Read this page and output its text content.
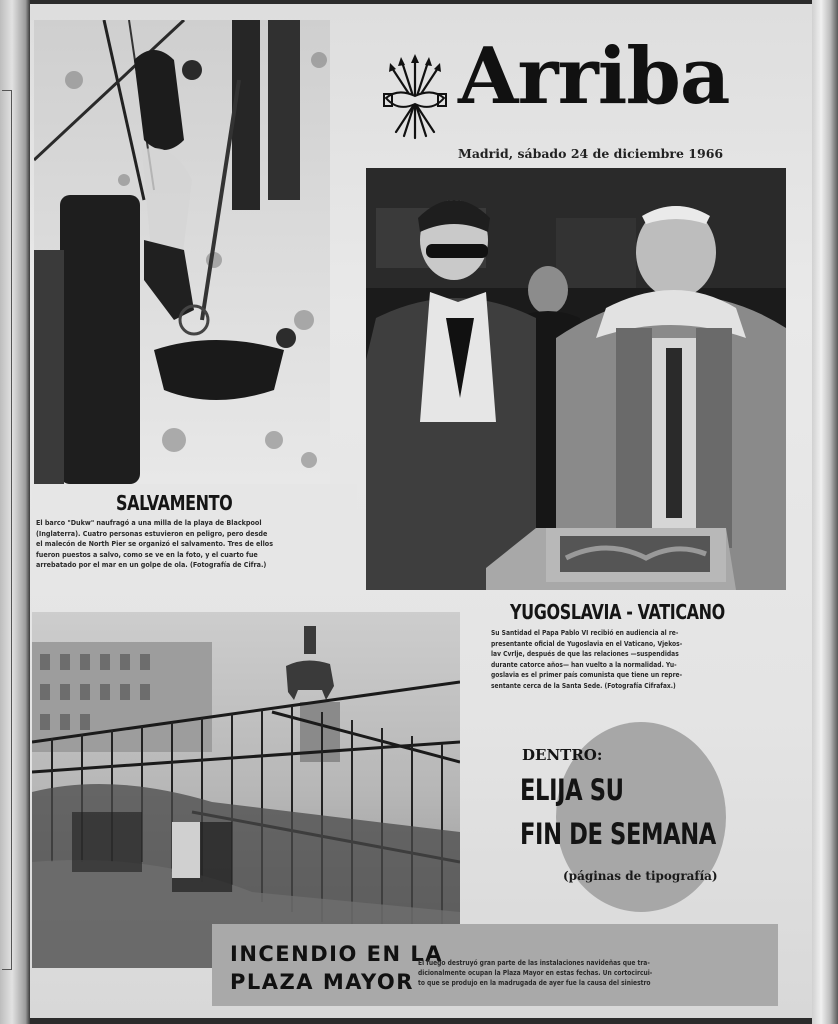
SALVAMENTO
El barco "Dukw" naufragó a una milla de la playa de Blackpool
(Inglaterra). Cuatro personas estuvieron en peligro, pero desde
el malecón de North Pier se organizó el salvamento. Tres de ellos
fueron puestos a salvo, como se ve en la foto, y el cuarto fue
arrebatado por el mar en un golpe de ola. (Fotografía de Cifra.)
Arriba
Madrid, sábado 24 de diciembre 1966
YUGOSLAVIA - VATICANO
Su Santidad el Papa Pablo VI recibió en audiencia al re-
presentante oficial de Yugoslavia en el Vaticano, Vjekos-
lav Cvrlje, después de que las relaciones —suspendidas
durante catorce años— han vuelto a la normalidad. Yu-
goslavia es el primer país comunista que tiene un repre-
sentante cerca de la Santa Sede. (Fotografía Cifrafax.)
DENTRO:
ELIJA SU
FIN DE SEMANA
(páginas de tipografía)
INCENDIO EN LA
PLAZA MAYOR
El fuego destruyó gran parte de las instalaciones navideñas que tra-
dicionalmente ocupan la Plaza Mayor en estas fechas. Un cortocircui-
to que se produjo en la madrugada de ayer fue la causa del siniestro
